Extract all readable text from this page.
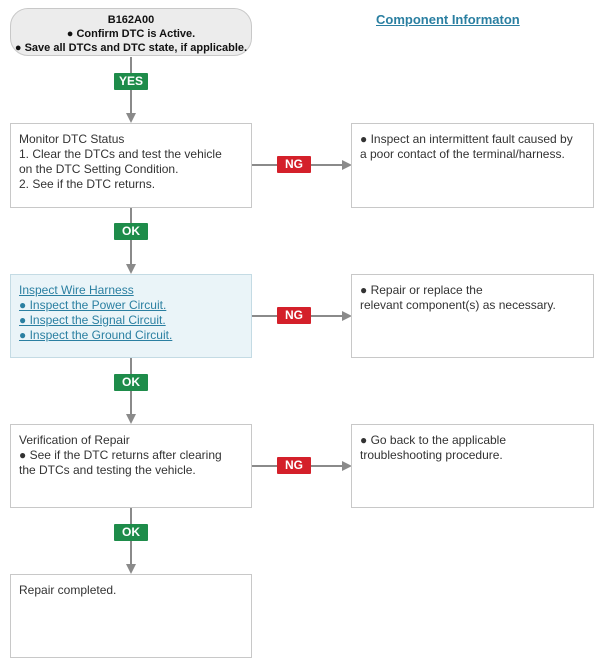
B162A00
● Confirm DTC is Active.
● Save all DTCs and DTC state, if applicable.
Component Informaton
YES
OK
OK
OK
NG
NG
NG
Monitor DTC Status
1. Clear the DTCs and test the vehicle
on the DTC Setting Condition.
2. See if the DTC returns.
● Inspect an intermittent fault caused by
a poor contact of the terminal/harness.
Inspect Wire Harness
● Inspect the Power Circuit.
● Inspect the Signal Circuit.
● Inspect the Ground Circuit.
● Repair or replace the
relevant component(s) as necessary.
Verification of Repair
● See if the DTC returns after clearing
the DTCs and testing the vehicle.
● Go back to the applicable
troubleshooting procedure.
Repair completed.
